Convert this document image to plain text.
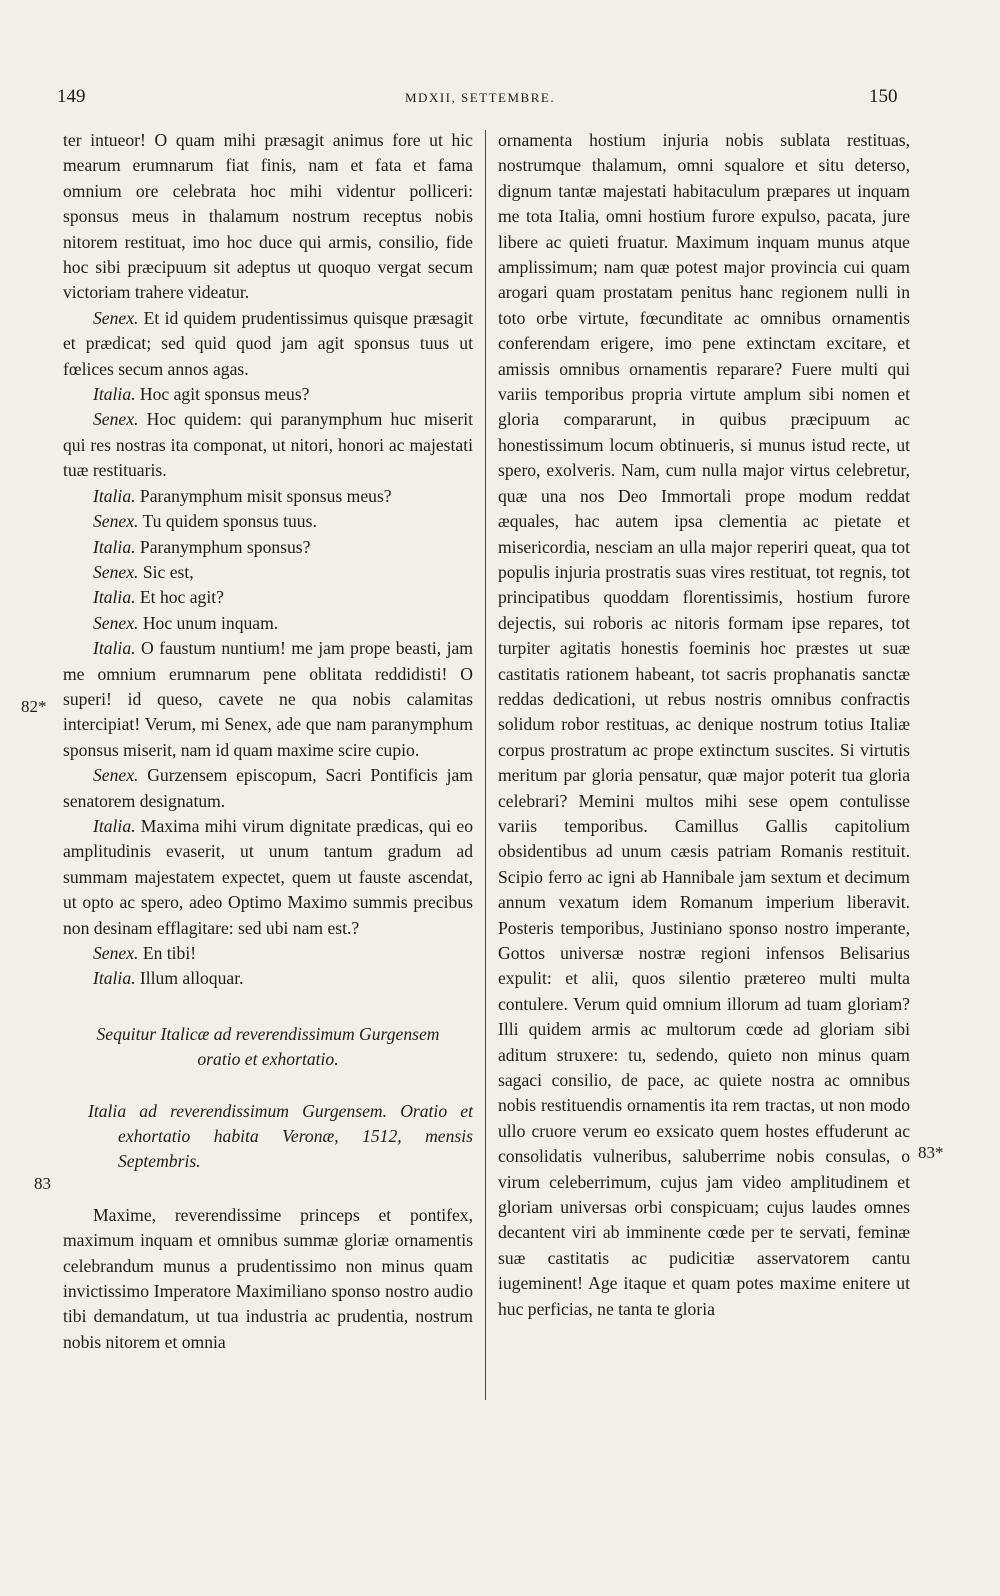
149	MDXII, SETTEMBRE.	150
82*
83
83*

ter intueor! O quam mihi præsagit animus fore ut hic mearum erumnarum fiat finis, nam et fata et fama omnium ore celebrata hoc mihi videntur polliceri: sponsus meus in thalamum nostrum receptus nobis nitorem restituat, imo hoc duce qui armis, consilio, fide hoc sibi præcipuum sit adeptus ut quoquo vergat secum victoriam trahere videatur.

Senex. Et id quidem prudentissimus quisque præsagit et prædicat; sed quid quod jam agit sponsus tuus ut fœlices secum annos agas.

Italia. Hoc agit sponsus meus?

Senex. Hoc quidem: qui paranymphum huc miserit qui res nostras ita componat, ut nitori, honori ac majestati tuæ restituaris.

Italia. Paranymphum misit sponsus meus?

Senex. Tu quidem sponsus tuus.

Italia. Paranymphum sponsus?

Senex. Sic est,

Italia. Et hoc agit?

Senex. Hoc unum inquam.

Italia. O faustum nuntium! me jam prope beasti, jam me omnium erumnarum pene oblitata reddidisti! O superi! id queso, cavete ne qua nobis calamitas intercipiat! Verum, mi Senex, ade que nam paranymphum sponsus miserit, nam id quam maxime scire cupio.

Senex. Gurzensem episcopum, Sacri Pontificis jam senatorem designatum.

Italia. Maxima mihi virum dignitate prædicas, qui eo amplitudinis evaserit, ut unum tantum gradum ad summam majestatem expectet, quem ut fauste ascendat, ut opto ac spero, adeo Optimo Maximo summis precibus non desinam efflagitare: sed ubi nam est.?

Senex. En tibi!

Italia. Illum alloquar.

Sequitur Italicæ ad reverendissimum Gurgensem oratio et exhortatio.

Italia ad reverendissimum Gurgensem. Oratio et exhortatio habita Veronæ, 1512, mensis Septembris.

Maxime, reverendissime princeps et pontifex, maximum inquam et omnibus summæ gloriæ ornamentis celebrandum munus a prudentissimo non minus quam invictissimo Imperatore Maximiliano sponso nostro audio tibi demandatum, ut tua industria ac prudentia, nostrum nobis nitorem et omnia

ornamenta hostium injuria nobis sublata restituas, nostrumque thalamum, omni squalore et situ deterso, dignum tantæ majestati habitaculum præpares ut inquam me tota Italia, omni hostium furore expulso, pacata, jure libere ac quieti fruatur. Maximum inquam munus atque amplissimum; nam quæ potest major provincia cui quam arogari quam prostatam penitus hanc regionem nulli in toto orbe virtute, fœcunditate ac omnibus ornamentis conferendam erigere, imo pene extinctam excitare, et amissis omnibus ornamentis reparare? Fuere multi qui variis temporibus propria virtute amplum sibi nomen et gloria compararunt, in quibus præcipuum ac honestissimum locum obtinueris, si munus istud recte, ut spero, exolveris. Nam, cum nulla major virtus celebretur, quæ una nos Deo Immortali prope modum reddat æquales, hac autem ipsa clementia ac pietate et misericordia, nesciam an ulla major reperiri queat, qua tot populis injuria prostratis suas vires restituat, tot regnis, tot principatibus quoddam florentissimis, hostium furore dejectis, sui roboris ac nitoris formam ipse repares, tot turpiter agitatis honestis foeminis hoc præstes ut suæ castitatis rationem habeant, tot sacris prophanatis sanctæ reddas dedicationi, ut rebus nostris omnibus confractis solidum robor restituas, ac denique nostrum totius Italiæ corpus prostratum ac prope extinctum suscites. Si virtutis meritum par gloria pensatur, quæ major poterit tua gloria celebrari? Memini multos mihi sese opem contulisse variis temporibus. Camillus Gallis capitolium obsidentibus ad unum cæsis patriam Romanis restituit. Scipio ferro ac igni ab Hannibale jam sextum et decimum annum vexatum idem Romanum imperium liberavit. Posteris temporibus, Justiniano sponso nostro imperante, Gottos universæ nostræ regioni infensos Belisarius expulit: et alii, quos silentio prætereo multi multa contulere. Verum quid omnium illorum ad tuam gloriam? Illi quidem armis ac multorum cœde ad gloriam sibi aditum struxere: tu, sedendo, quieto non minus quam sagaci consilio, de pace, ac quiete nostra ac omnibus nobis restituendis ornamentis ita rem tractas, ut non modo ullo cruore verum eo exsicato quem hostes effuderunt ac consolidatis vulneribus, saluberrime nobis consulas, o virum celeberrimum, cujus jam video amplitudinem et gloriam universas orbi conspicuam; cujus laudes omnes decantent viri ab imminente cœde per te servati, feminæ suæ castitatis ac pudicitiæ asservatorem cantu iugeminent! Age itaque et quam potes maxime enitere ut huc perficias, ne tanta te gloria
